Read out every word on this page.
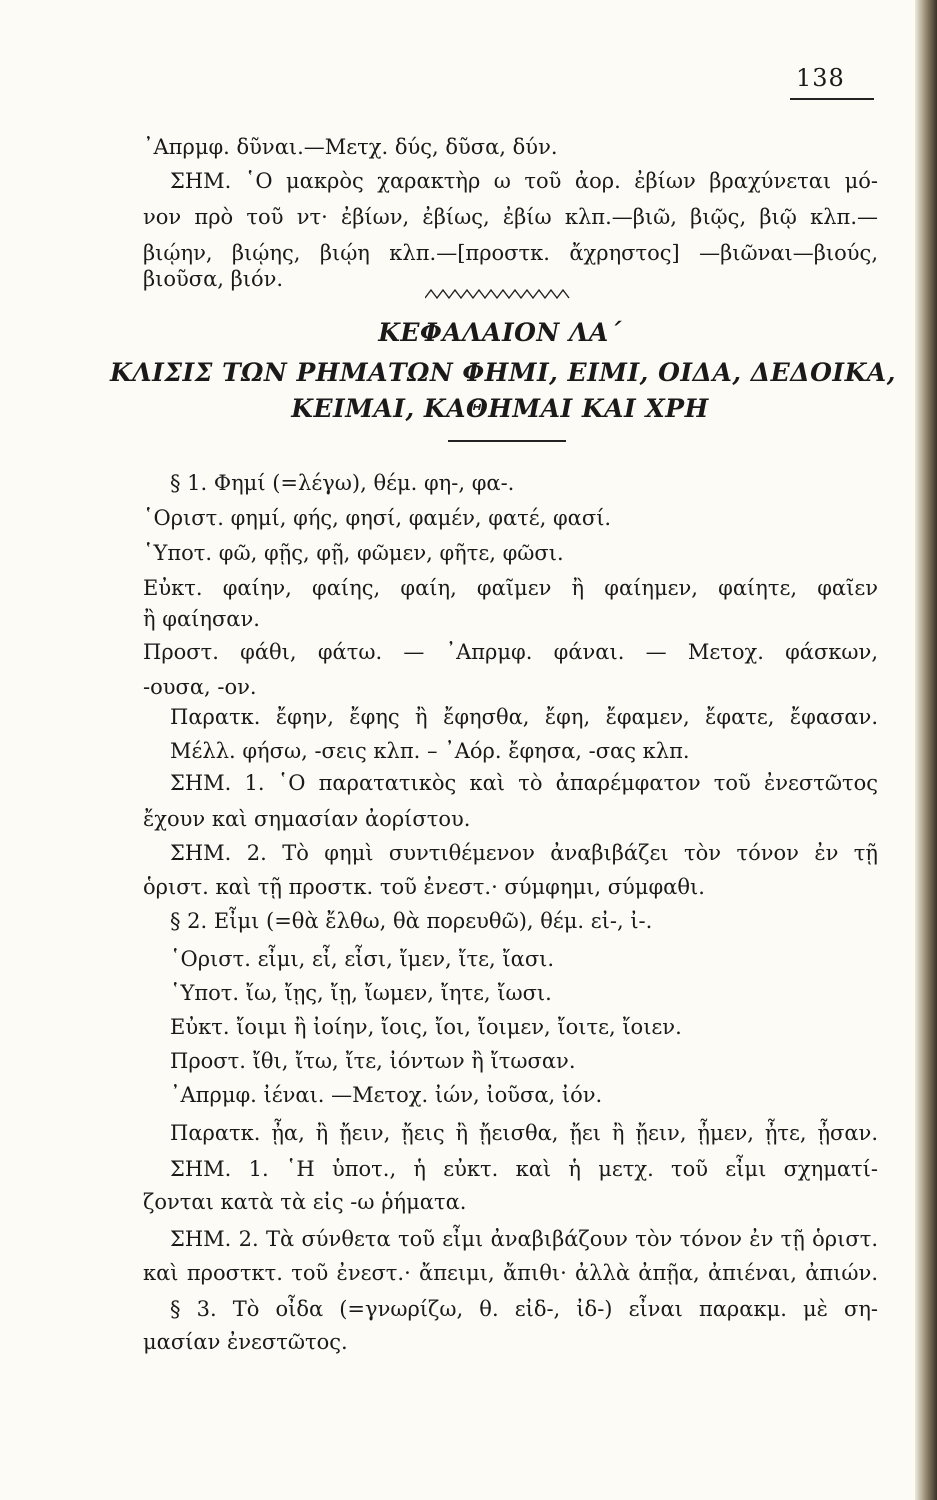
138
᾿Απρμφ. δῦναι.—Μετχ. δύς, δῦσα, δύν.
ΣΗΜ. ῾Ο μακρὸς χαρακτὴρ ω τοῦ ἀορ. ἐβίων βραχύνεται μό-
νον πρὸ τοῦ ντ· ἐβίων, ἐβίως, ἐβίω κλπ.—βιῶ, βιῷς, βιῷ κλπ.—
βιῴην, βιῴης, βιῴη κλπ.—[προστκ. ἄχρηστος] —βιῶναι—βιούς,
βιοῦσα, βιόν.
ΚΕΦΑΛΑΙΟΝ ΛΑ΄
ΚΛΙΣΙΣ ΤΩΝ ΡΗΜΑΤΩΝ ΦΗΜΙ, ΕΙΜΙ, ΟΙΔΑ, ΔΕΔΟΙΚΑ,
ΚΕΙΜΑΙ, ΚΑΘΗΜΑΙ ΚΑΙ ΧΡΗ
§ 1. Φημί (=λέγω), θέμ. φη-, φα-.
῾Οριστ. φημί, φής, φησί, φαμέν, φατέ, φασί.
῾Υποτ. φῶ, φῇς, φῇ, φῶμεν, φῆτε, φῶσι.
Εὐκτ. φαίην, φαίης, φαίη, φαῖμεν ἢ φαίημεν, φαίητε, φαῖεν
ἢ φαίησαν.
Προστ. φάθι, φάτω. — ᾿Απρμφ. φάναι. — Μετοχ. φάσκων,
-ουσα, -ον.
Παρατκ. ἔφην, ἔφης ἢ ἔφησθα, ἔφη, ἔφαμεν, ἔφατε, ἔφασαν.
Μέλλ. φήσω, -σεις κλπ. – ᾿Αόρ. ἔφησα, -σας κλπ.
ΣΗΜ. 1. ῾Ο παρατατικὸς καὶ τὸ ἀπαρέμφατον τοῦ ἐνεστῶτος
ἔχουν καὶ σημασίαν ἀορίστου.
ΣΗΜ. 2. Τὸ φημὶ συντιθέμενον ἀναβιβάζει τὸν τόνον ἐν τῇ
ὁριστ. καὶ τῇ προστκ. τοῦ ἐνεστ.· σύμφημι, σύμφαθι.
§ 2. Εἶμι (=θὰ ἔλθω, θὰ πορευθῶ), θέμ. εἰ-, ἰ-.
῾Οριστ. εἶμι, εἶ, εἶσι, ἴμεν, ἴτε, ἴασι.
῾Υποτ. ἴω, ἴῃς, ἴῃ, ἴωμεν, ἴητε, ἴωσι.
Εὐκτ. ἴοιμι ἢ ἰοίην, ἴοις, ἴοι, ἴοιμεν, ἴοιτε, ἴοιεν.
Προστ. ἴθι, ἴτω, ἴτε, ἰόντων ἢ ἴτωσαν.
᾿Απρμφ. ἰέναι. —Μετοχ. ἰών, ἰοῦσα, ἰόν.
Παρατκ. ᾖα, ἢ ᾔειν, ᾔεις ἢ ᾔεισθα, ᾔει ἢ ᾔειν, ᾖμεν, ᾖτε, ᾖσαν.
ΣΗΜ. 1. ῾Η ὑποτ., ἡ εὐκτ. καὶ ἡ μετχ. τοῦ εἶμι σχηματί-
ζονται κατὰ τὰ εἰς -ω ῥήματα.
ΣΗΜ. 2. Τὰ σύνθετα τοῦ εἶμι ἀναβιβάζουν τὸν τόνον ἐν τῇ ὁριστ.
καὶ προστκτ. τοῦ ἐνεστ.· ἄπειμι, ἄπιθι· ἀλλὰ ἀπῇα, ἀπιέναι, ἀπιών.
§ 3. Τὸ οἶδα (=γνωρίζω, θ. εἰδ-, ἰδ-) εἶναι παρακμ. μὲ ση-
μασίαν ἐνεστῶτος.
